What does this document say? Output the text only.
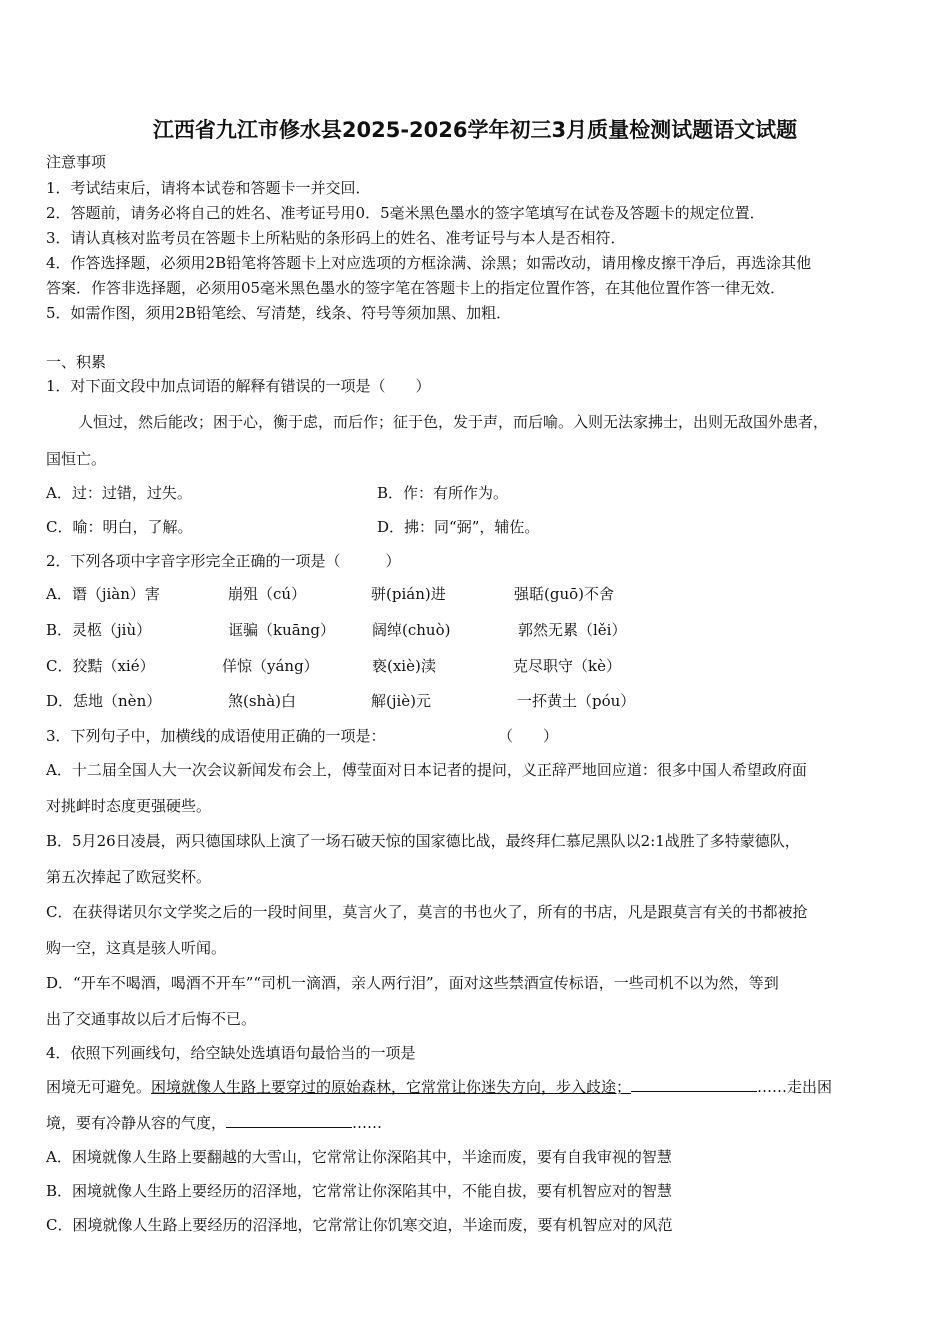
江西省九江市修水县2025-2026学年初三3月质量检测试题语文试题
注意事项
1．考试结束后，请将本试卷和答题卡一并交回．
2．答题前，请务必将自己的姓名、准考证号用0．5毫米黑色墨水的签字笔填写在试卷及答题卡的规定位置．
3．请认真核对监考员在答题卡上所粘贴的条形码上的姓名、准考证号与本人是否相符．
4．作答选择题，必须用2B铅笔将答题卡上对应选项的方框涂满、涂黑；如需改动，请用橡皮擦干净后，再选涂其他
答案．作答非选择题，必须用05毫米黑色墨水的签字笔在答题卡上的指定位置作答，在其他位置作答一律无效．
5．如需作图，须用2B铅笔绘、写清楚，线条、符号等须加黑、加粗．
一、积累
1．对下面文段中加点词语的解释有错误的一项是（　　）
人恒过，然后能改；困于心，衡于虑，而后作；征于色，发于声，而后喻。入则无法家拂士，出则无敌国外患者，
国恒亡。
A．过：过错，过失。	B．作：有所作为。
C．喻：明白，了解。	D．拂：同“弼”，辅佐。
2．下列各项中字音字形完全正确的一项是（　　　）
A．谮（jiàn）害	崩殂（cú）	骈(pián)进	强聒(guō)不舍
B．灵柩（jiù）	诓骗（kuāng） 阔绰(chuò)	郭然无累（lěi）
C．狡黠（xié）	佯惊（yáng）	亵(xiè)渎	克尽职守（kè）
D．恁地（nèn）	煞(shà)白	解(jiè)元	一抔黄土（póu）
3．下列句子中，加横线的成语使用正确的一项是：	（　　）
A．十二届全国人大一次会议新闻发布会上，傅莹面对日本记者的提问，义正辞严地回应道：很多中国人希望政府面
对挑衅时态度更强硬些。
B．5月26日凌晨，两只德国球队上演了一场石破天惊的国家德比战，最终拜仁慕尼黑队以2:1战胜了多特蒙德队，
第五次捧起了欧冠奖杯。
C．在获得诺贝尔文学奖之后的一段时间里，莫言火了，莫言的书也火了，所有的书店，凡是跟莫言有关的书都被抢
购一空，这真是骇人听闻。
D．“开车不喝酒，喝酒不开车”“司机一滴酒，亲人两行泪”，面对这些禁酒宣传标语，一些司机不以为然，等到
出了交通事故以后才后悔不已。
4．依照下列画线句，给空缺处选填语句最恰当的一项是
困境无可避免。困境就像人生路上要穿过的原始森林，它常常让你迷失方向，步入歧途；	……走出困
境，要有冷静从容的气度，	……
A．困境就像人生路上要翻越的大雪山，它常常让你深陷其中，半途而废，要有自我审视的智慧
B．困境就像人生路上要经历的沼泽地，它常常让你深陷其中，不能自拔，要有机智应对的智慧
C．困境就像人生路上要经历的沼泽地，它常常让你饥寒交迫，半途而废，要有机智应对的风范
